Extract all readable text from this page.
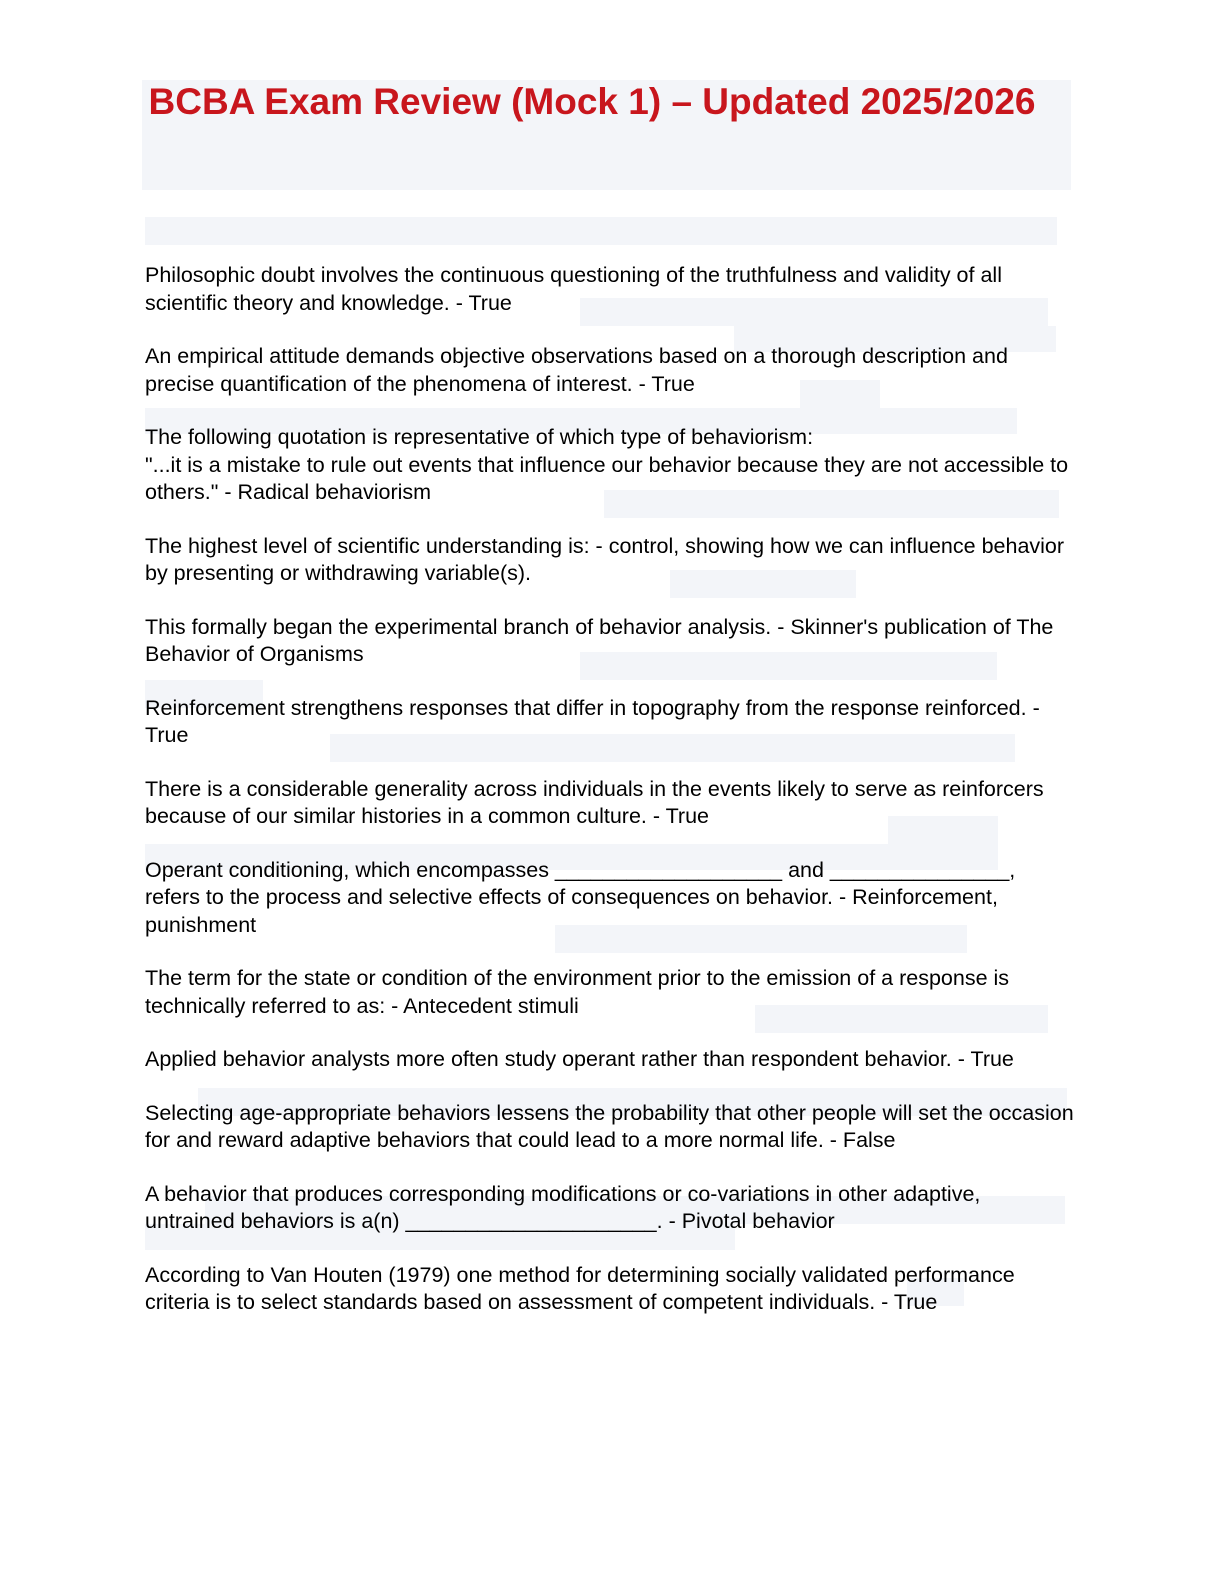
BCBA Exam Review (Mock 1) – Updated 2025/2026
Philosophic doubt involves the continuous questioning of the truthfulness and validity of all scientific theory and knowledge. - True
An empirical attitude demands objective observations based on a thorough description and precise quantification of the phenomena of interest. - True
The following quotation is representative of which type of behaviorism:
"...it is a mistake to rule out events that influence our behavior because they are not accessible to others." - Radical behaviorism
The highest level of scientific understanding is: - control, showing how we can influence behavior by presenting or withdrawing variable(s).
This formally began the experimental branch of behavior analysis. - Skinner's publication of The Behavior of Organisms
Reinforcement strengthens responses that differ in topography from the response reinforced. - True
There is a considerable generality across individuals in the events likely to serve as reinforcers because of our similar histories in a common culture. - True
Operant conditioning, which encompasses ___________________ and _______________, refers to the process and selective effects of consequences on behavior. - Reinforcement, punishment
The term for the state or condition of the environment prior to the emission of a response is technically referred to as: - Antecedent stimuli
Applied behavior analysts more often study operant rather than respondent behavior. - True
Selecting age-appropriate behaviors lessens the probability that other people will set the occasion for and reward adaptive behaviors that could lead to a more normal life. - False
A behavior that produces corresponding modifications or co-variations in other adaptive, untrained behaviors is a(n) _____________________. - Pivotal behavior
According to Van Houten (1979) one method for determining socially validated performance criteria is to select standards based on assessment of competent individuals. - True
